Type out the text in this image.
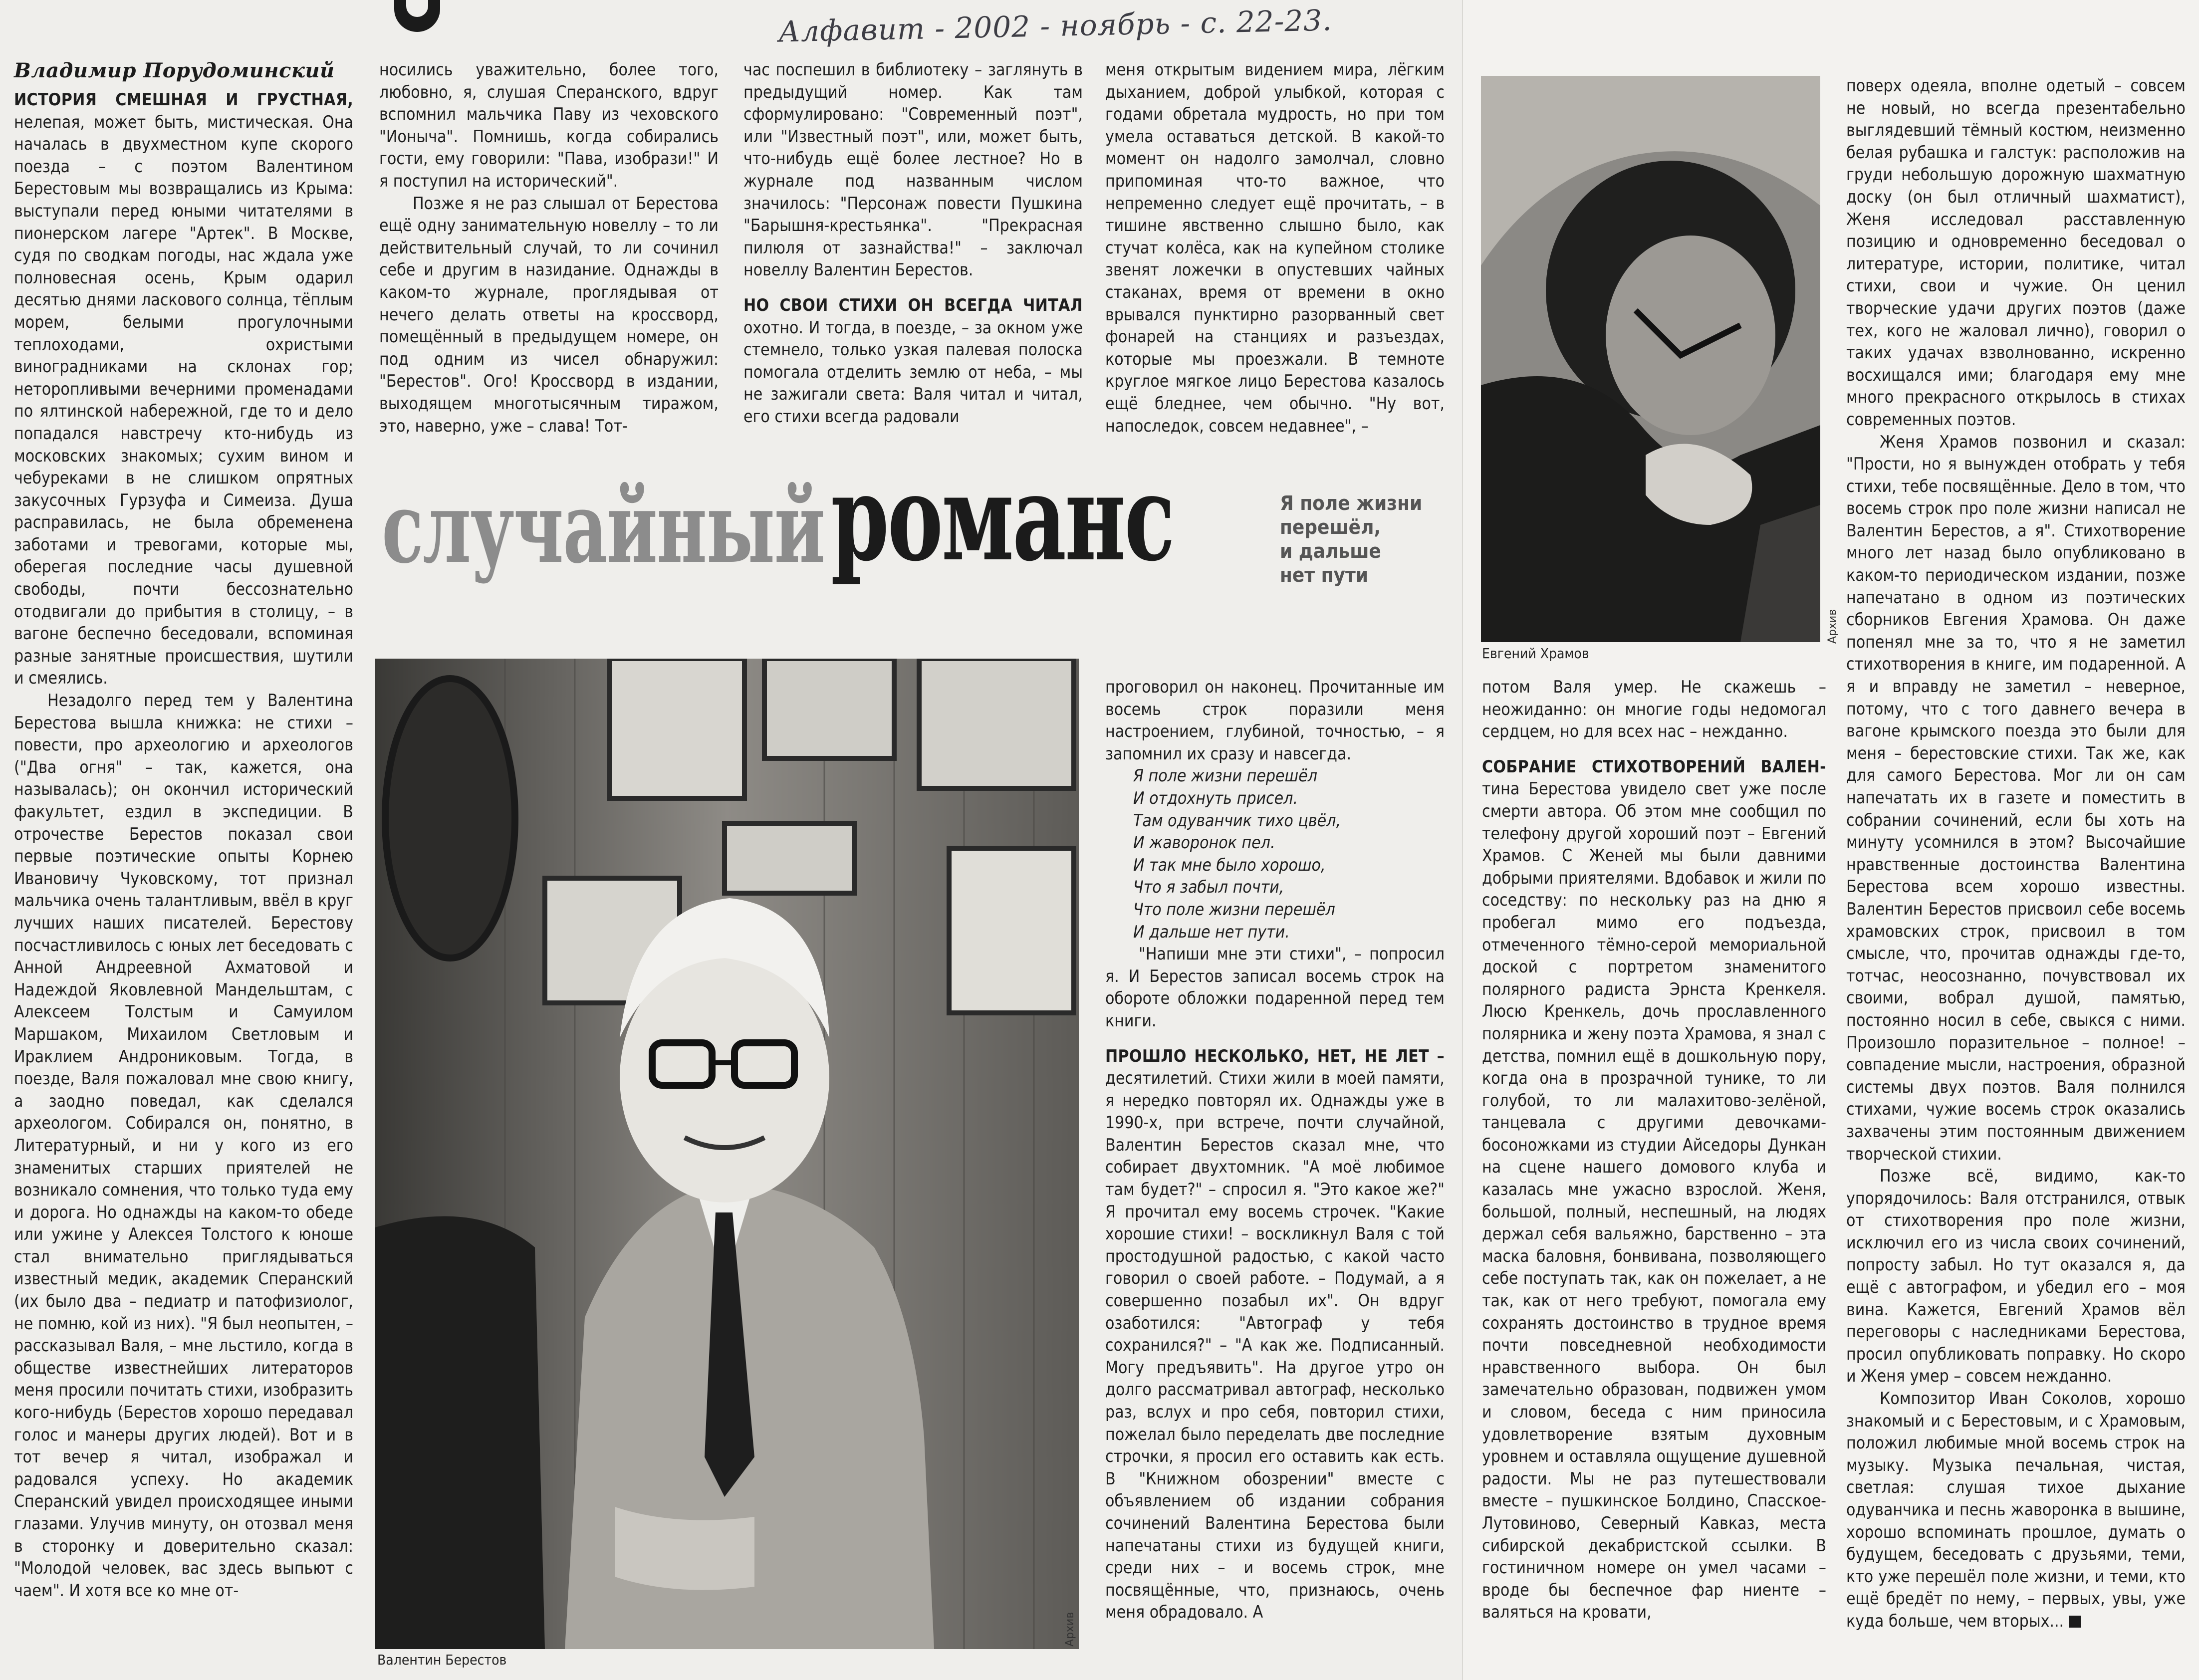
Алфавит - 2002 - ноябрь - с. 22-23.
Владимир Порудоминский

ИСТОРИЯ СМЕШНАЯ И ГРУСТНАЯ, нелепая, может быть, мистическая. Она началась в двухместном купе скорого поезда – с поэтом Валентином Берестовым мы возвращались из Крыма: выступали перед юными читателями в пионерском лагере "Артек". В Москве, судя по сводкам погоды, нас ждала уже полновесная осень, Крым одарил десятью днями ласкового солнца, тёплым морем, белыми прогулочными теплоходами, охристыми виноградниками на склонах гор; неторопливыми вечерними променадами по ялтинской набережной, где то и дело попадался навстречу кто-нибудь из московских знакомых; сухим вином и чебуреками в не слишком опрятных закусочных Гурзуфа и Симеиза. Душа расправилась, не была обременена заботами и тревогами, которые мы, оберегая последние часы душевной свободы, почти бессознательно отодвигали до прибытия в столицу, – в вагоне беспечно беседовали, вспоминая разные занятные происшествия, шутили и смеялись.

Незадолго перед тем у Валентина Берестова вышла книжка: не стихи – повести, про археологию и археологов ("Два огня" – так, кажется, она называлась); он окончил исторический факультет, ездил в экспедиции. В отрочестве Берестов показал свои первые поэтические опыты Корнею Ивановичу Чуковскому, тот признал мальчика очень талантливым, ввёл в круг лучших наших писателей. Берестову посчастливилось с юных лет беседовать с Анной Андреевной Ахматовой и Надеждой Яковлевной Мандельштам, с Алексеем Толстым и Самуилом Маршаком, Михаилом Светловым и Ираклием Андрониковым. Тогда, в поезде, Валя пожаловал мне свою книгу, а заодно поведал, как сделался археологом. Собирался он, понятно, в Литературный, и ни у кого из его знаменитых старших приятелей не возникало сомнения, что только туда ему и дорога. Но однажды на каком-то обеде или ужине у Алексея Толстого к юноше стал внимательно приглядываться известный медик, академик Сперанский (их было два – педиатр и патофизиолог, не помню, кой из них). "Я был неопытен, – рассказывал Валя, – мне льстило, когда в обществе известнейших литераторов меня просили почитать стихи, изобразить кого-нибудь (Берестов хорошо передавал голос и манеры других людей). Вот и в тот вечер я читал, изображал и радовался успеху. Но академик Сперанский увидел происходящее иными глазами. Улучив минуту, он отозвал меня в сторонку и доверительно сказал: "Молодой человек, вас здесь выпьют с чаем". И хотя все ко мне от-

носились уважительно, более того, любовно, я, слушая Сперанского, вдруг вспомнил мальчика Паву из чеховского "Ионыча". Помнишь, когда собирались гости, ему говорили: "Пава, изобрази!" И я поступил на исторический".

Позже я не раз слышал от Берестова ещё одну занимательную новеллу – то ли действительный случай, то ли сочинил себе и другим в назидание. Однажды в каком-то журнале, проглядывая от нечего делать ответы на кроссворд, помещённый в предыдущем номере, он под одним из чисел обнаружил: "Берестов". Ого! Кроссворд в издании, выходящем многотысячным тиражом, это, наверно, уже – слава! Тот-

час поспешил в библиотеку – заглянуть в предыдущий номер. Как там сформулировано: "Современный поэт", или "Известный поэт", или, может быть, что-нибудь ещё более лестное? Но в журнале под названным числом значилось: "Персонаж повести Пушкина "Барышня-крестьянка". "Прекрасная пилюля от зазнайства!" – заключал новеллу Валентин Берестов.

НО СВОИ СТИХИ ОН ВСЕГДА ЧИТАЛ охотно. И тогда, в поезде, – за окном уже стемнело, только узкая палевая полоска помогала отделить землю от неба, – мы не зажигали света: Валя читал и читал, его стихи всегда радовали

меня открытым видением мира, лёгким дыханием, доброй улыбкой, которая с годами обретала мудрость, но при том умела оставаться детской. В какой-то момент он надолго замолчал, словно припоминая что-то важное, что непременно следует ещё прочитать, – в тишине явственно слышно было, как стучат колёса, как на купейном столике звенят ложечки в опустевших чайных стаканах, время от времени в окно врывался пунктирно разорванный свет фонарей на станциях и разъездах, которые мы проезжали. В темноте круглое мягкое лицо Берестова казалось ещё бледнее, чем обычно. "Ну вот, напоследок, совсем недавнее", –

случайный романс	Я поле жизни
перешёл,
и дальше
нет пути
Валентин Берестов
Архив

проговорил он наконец. Прочитанные им восемь строк поразили меня настроением, глубиной, точностью, – я запомнил их сразу и навсегда.

Я поле жизни перешёл
И отдохнуть присел.
Там одуванчик тихо цвёл,
И жаворонок пел.
И так мне было хорошо,
Что я забыл почти,
Что поле жизни перешёл
И дальше нет пути.

"Напиши мне эти стихи", – попросил я. И Берестов записал восемь строк на обороте обложки подаренной перед тем книги.

ПРОШЛО НЕСКОЛЬКО, НЕТ, НЕ ЛЕТ – десятилетий. Стихи жили в моей памяти, я нередко повторял их. Однажды уже в 1990-х, при встрече, почти случайной, Валентин Берестов сказал мне, что собирает двухтомник. "А моё любимое там будет?" – спросил я. "Это какое же?" Я прочитал ему восемь строчек. "Какие хорошие стихи! – воскликнул Валя с той простодушной радостью, с какой часто говорил о своей работе. – Подумай, а я совершенно позабыл их". Он вдруг озаботился: "Автограф у тебя сохранился?" – "А как же. Подписанный. Могу предъявить". На другое утро он долго рассматривал автограф, несколько раз, вслух и про себя, повторил стихи, пожелал было переделать две последние строчки, я просил его оставить как есть. В "Книжном обозрении" вместе с объявлением об издании собрания сочинений Валентина Берестова были напечатаны стихи из будущей книги, среди них – и восемь строк, мне посвящённые, что, признаюсь, очень меня обрадовало. А

Евгений Храмов
Архив

потом Валя умер. Не скажешь – неожиданно: он многие годы недомогал сердцем, но для всех нас – нежданно.

СОБРАНИЕ СТИХОТВОРЕНИЙ ВАЛЕН- тина Берестова увидело свет уже после смерти автора. Об этом мне сообщил по телефону другой хороший поэт – Евгений Храмов. С Женей мы были давними добрыми приятелями. Вдобавок и жили по соседству: по нескольку раз на дню я пробегал мимо его подъезда, отмеченного тёмно-серой мемориальной доской с портретом знаменитого полярного радиста Эрнста Кренкеля. Люсю Кренкель, дочь прославленного полярника и жену поэта Храмова, я знал с детства, помнил ещё в дошкольную пору, когда она в прозрачной тунике, то ли голубой, то ли малахитово-зелёной, танцевала с другими девочками-босоножками из студии Айседоры Дункан на сцене нашего домового клуба и казалась мне ужасно взрослой. Женя, большой, полный, неспешный, на людях держал себя вальяжно, барственно – эта маска баловня, бонвивана, позволяющего себе поступать так, как он пожелает, а не так, как от него требуют, помогала ему сохранять достоинство в трудное время почти повседневной необходимости нравственного выбора. Он был замечательно образован, подвижен умом и словом, беседа с ним приносила удовлетворение взятым духовным уровнем и оставляла ощущение душевной радости. Мы не раз путешествовали вместе – пушкинское Болдино, Спасское-Лутовиново, Северный Кавказ, места сибирской декабристской ссылки. В гостиничном номере он умел часами – вроде бы беспечное фар ниенте – валяться на кровати,

поверх одеяла, вполне одетый – совсем не новый, но всегда презентабельно выглядевший тёмный костюм, неизменно белая рубашка и галстук: расположив на груди небольшую дорожную шахматную доску (он был отличный шахматист), Женя исследовал расставленную позицию и одновременно беседовал о литературе, истории, политике, читал стихи, свои и чужие. Он ценил творческие удачи других поэтов (даже тех, кого не жаловал лично), говорил о таких удачах взволнованно, искренно восхищался ими; благодаря ему мне много прекрасного открылось в стихах современных поэтов.

Женя Храмов позвонил и сказал: "Прости, но я вынужден отобрать у тебя стихи, тебе посвящённые. Дело в том, что восемь строк про поле жизни написал не Валентин Берестов, а я". Стихотворение много лет назад было опубликовано в каком-то периодическом издании, позже напечатано в одном из поэтических сборников Евгения Храмова. Он даже попенял мне за то, что я не заметил стихотворения в книге, им подаренной. А я и вправду не заметил – неверное, потому, что с того давнего вечера в вагоне крымского поезда это были для меня – берестовские стихи. Так же, как для самого Берестова. Мог ли он сам напечатать их в газете и поместить в собрании сочинений, если бы хоть на минуту усомнился в этом? Высочайшие нравственные достоинства Валентина Берестова всем хорошо известны. Валентин Берестов присвоил себе восемь храмовских строк, присвоил в том смысле, что, прочитав однажды где-то, тотчас, неосознанно, почувствовал их своими, вобрал душой, памятью, постоянно носил в себе, свыкся с ними. Произошло поразительное – полное! – совпадение мысли, настроения, образной системы двух поэтов. Валя полнился стихами, чужие восемь строк оказались захвачены этим постоянным движением творческой стихии.

Позже всё, видимо, как-то упорядочилось: Валя отстранился, отвык от стихотворения про поле жизни, исключил его из числа своих сочинений, попросту забыл. Но тут оказался я, да ещё с автографом, и убедил его – моя вина. Кажется, Евгений Храмов вёл переговоры с наследниками Берестова, просил опубликовать поправку. Но скоро и Женя умер – совсем нежданно.

Композитор Иван Соколов, хорошо знакомый и с Берестовым, и с Храмовым, положил любимые мной восемь строк на музыку. Музыка печальная, чистая, светлая: слушая тихое дыхание одуванчика и песнь жаворонка в вышине, хорошо вспоминать прошлое, думать о будущем, беседовать с друзьями, теми, кто уже перешёл поле жизни, и теми, кто ещё бредёт по нему, – первых, увы, уже куда больше, чем вторых...
